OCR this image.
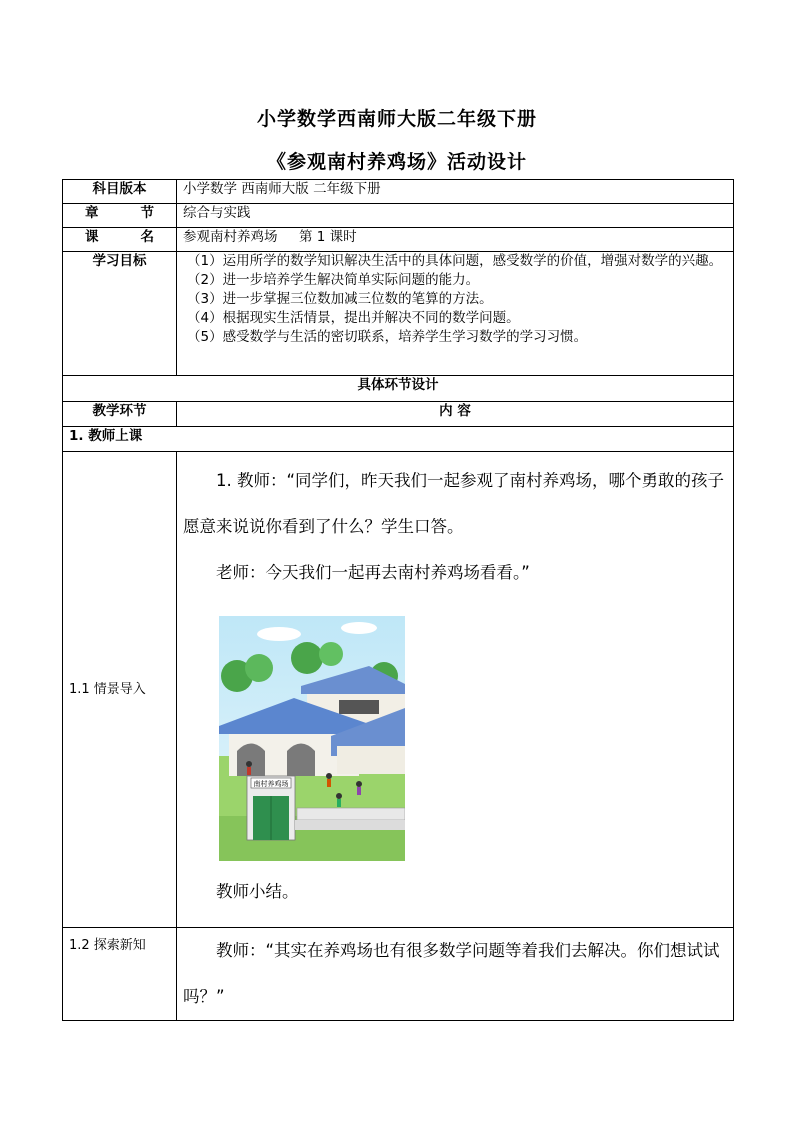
小学数学西南师大版二年级下册
《参观南村养鸡场》活动设计
科目版本	小学数学 西南师大版 二年级下册

章 节	综合与实践

课 名	参观南村养鸡场     第 1 课时
学习目标	（1）运用所学的数学知识解决生活中的具体问题，感受数学的价值，增强对数学的兴趣。

（2）进一步培养学生解决简单实际问题的能力。

（3）进一步掌握三位数加减三位数的笔算的方法。

（4）根据现实生活情景，提出并解决不同的数学问题。

（5）感受数学与生活的密切联系，培养学生学习数学的学习习惯。

具体环节设计	
教学环节	内 容
1. 教师上课	
1.1 情景导入	1. 教师：“同学们，昨天我们一起参观了南村养鸡场，哪个勇敢的孩子愿意来说说你看到了什么？学生口答。

老师：今天我们一起再去南村养鸡场看看。”

南村养鸡场

教师小结。

1.2 探索新知	教师：“其实在养鸡场也有很多数学问题等着我们去解决。你们想试试吗？”
